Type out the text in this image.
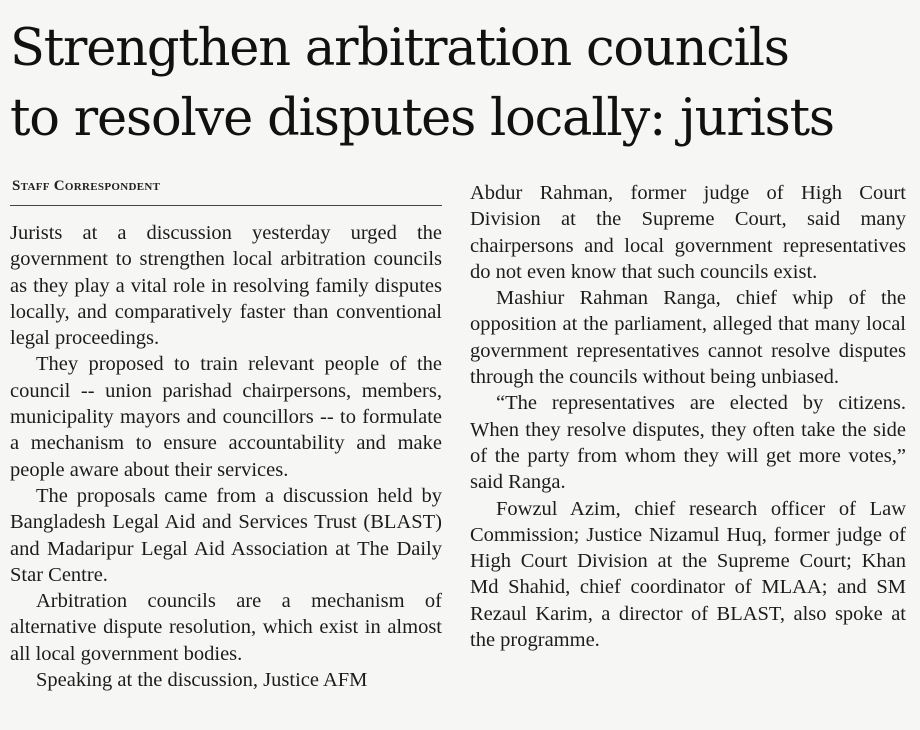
Strengthen arbitration councils
to resolve disputes locally: jurists
Staff Correspondent

Jurists at a discussion yesterday urged the government to strengthen local arbitration councils as they play a vital role in resolving family disputes locally, and comparatively faster than conventional legal proceedings.

They proposed to train relevant people of the council -- union parishad chairpersons, members, municipality mayors and councillors -- to formulate a mechanism to ensure accountability and make people aware about their services.

The proposals came from a discussion held by Bangladesh Legal Aid and Services Trust (BLAST) and Madaripur Legal Aid Association at The Daily Star Centre.

Arbitration councils are a mechanism of alternative dispute resolution, which exist in almost all local government bodies.

Speaking at the discussion, Justice AFM

Abdur Rahman, former judge of High Court Division at the Supreme Court, said many chairpersons and local government representatives do not even know that such councils exist.

Mashiur Rahman Ranga, chief whip of the opposition at the parliament, alleged that many local government representatives cannot resolve disputes through the councils without being unbiased.

“The representatives are elected by citizens. When they resolve disputes, they often take the side of the party from whom they will get more votes,” said Ranga.

Fowzul Azim, chief research officer of Law Commission; Justice Nizamul Huq, former judge of High Court Division at the Supreme Court; Khan Md Shahid, chief coordinator of MLAA; and SM Rezaul Karim, a director of BLAST, also spoke at the programme.
